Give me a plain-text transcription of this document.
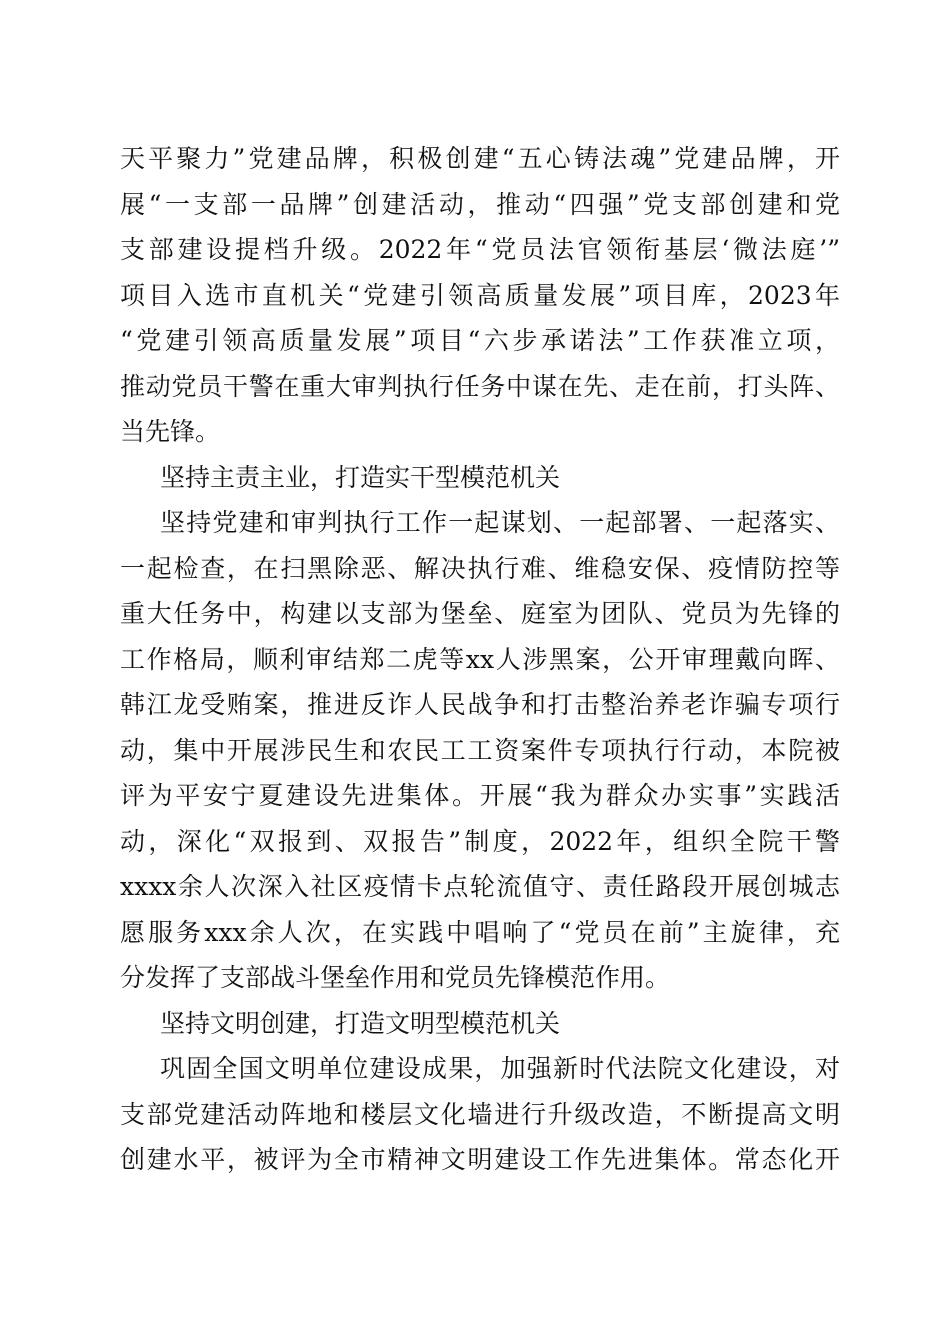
天平聚力”党建品牌，积极创建“五心铸法魂”党建品牌，开
展“一支部一品牌”创建活动，推动“四强”党支部创建和党
支部建设提档升级。2022年“党员法官领衔基层‘微法庭’”
项目入选市直机关“党建引领高质量发展”项目库，2023年
“党建引领高质量发展”项目“六步承诺法”工作获准立项，
推动党员干警在重大审判执行任务中谋在先、走在前，打头阵、
当先锋。
坚持主责主业，打造实干型模范机关
坚持党建和审判执行工作一起谋划、一起部署、一起落实、
一起检查，在扫黑除恶、解决执行难、维稳安保、疫情防控等
重大任务中，构建以支部为堡垒、庭室为团队、党员为先锋的
工作格局，顺利审结郑二虎等xx人涉黑案，公开审理戴向晖、
韩江龙受贿案，推进反诈人民战争和打击整治养老诈骗专项行
动，集中开展涉民生和农民工工资案件专项执行行动，本院被
评为平安宁夏建设先进集体。开展“我为群众办实事”实践活
动，深化“双报到、双报告”制度，2022年，组织全院干警
xxxx余人次深入社区疫情卡点轮流值守、责任路段开展创城志
愿服务xxx余人次，在实践中唱响了“党员在前”主旋律，充
分发挥了支部战斗堡垒作用和党员先锋模范作用。
坚持文明创建，打造文明型模范机关
巩固全国文明单位建设成果，加强新时代法院文化建设，对
支部党建活动阵地和楼层文化墙进行升级改造，不断提高文明
创建水平，被评为全市精神文明建设工作先进集体。常态化开
